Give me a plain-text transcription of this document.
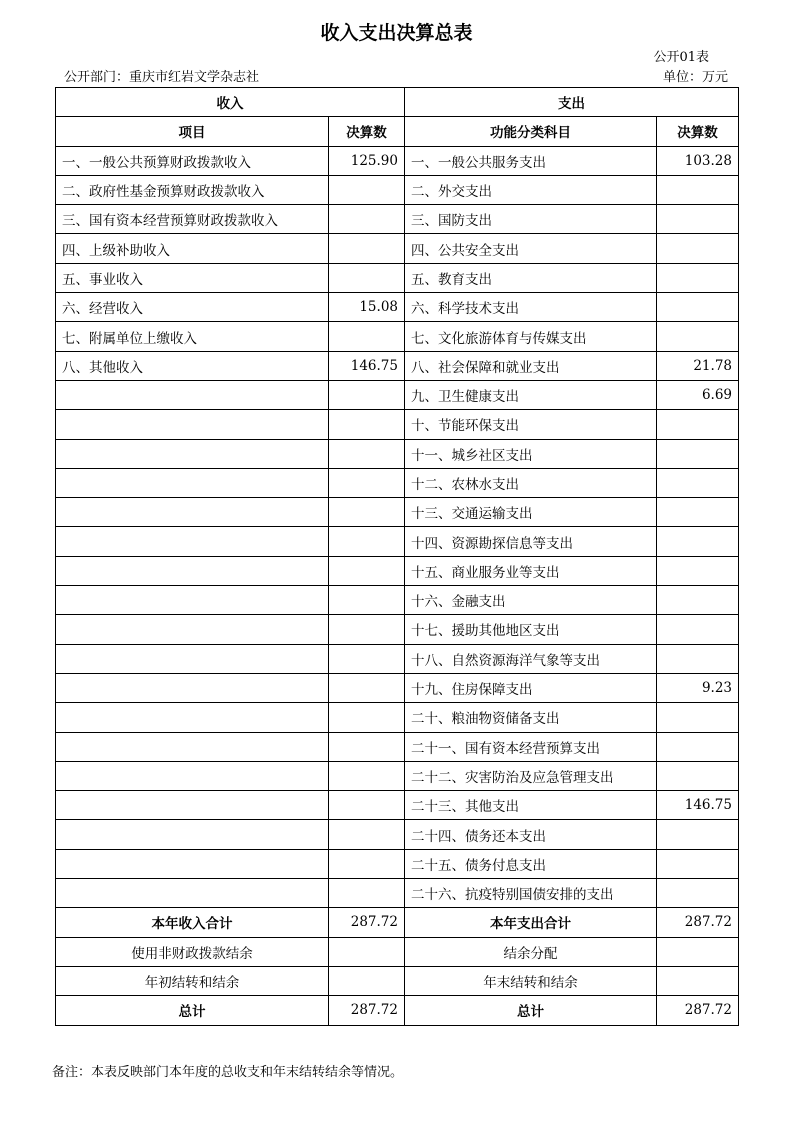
收入支出决算总表
公开01表
公开部门：重庆市红岩文学杂志社	单位：万元
收入		支出	
项目	决算数	功能分类科目	决算数
一、一般公共预算财政拨款收入	125.90	一、一般公共服务支出	103.28
二、政府性基金预算财政拨款收入		二、外交支出	
三、国有资本经营预算财政拨款收入		三、国防支出	
四、上级补助收入		四、公共安全支出	
五、事业收入		五、教育支出	
六、经营收入	15.08	六、科学技术支出	
七、附属单位上缴收入		七、文化旅游体育与传媒支出	
八、其他收入	146.75	八、社会保障和就业支出	21.78
		九、卫生健康支出	6.69
		十、节能环保支出	
		十一、城乡社区支出	
		十二、农林水支出	
		十三、交通运输支出	
		十四、资源勘探信息等支出	
		十五、商业服务业等支出	
		十六、金融支出	
		十七、援助其他地区支出	
		十八、自然资源海洋气象等支出	
		十九、住房保障支出	9.23
		二十、粮油物资储备支出	
		二十一、国有资本经营预算支出	
		二十二、灾害防治及应急管理支出	
		二十三、其他支出	146.75
		二十四、债务还本支出	
		二十五、债务付息支出	
		二十六、抗疫特别国债安排的支出	
本年收入合计	287.72	本年支出合计	287.72
使用非财政拨款结余		结余分配	
年初结转和结余		年末结转和结余	
总计	287.72	总计	287.72
备注：本表反映部门本年度的总收支和年末结转结余等情况。
